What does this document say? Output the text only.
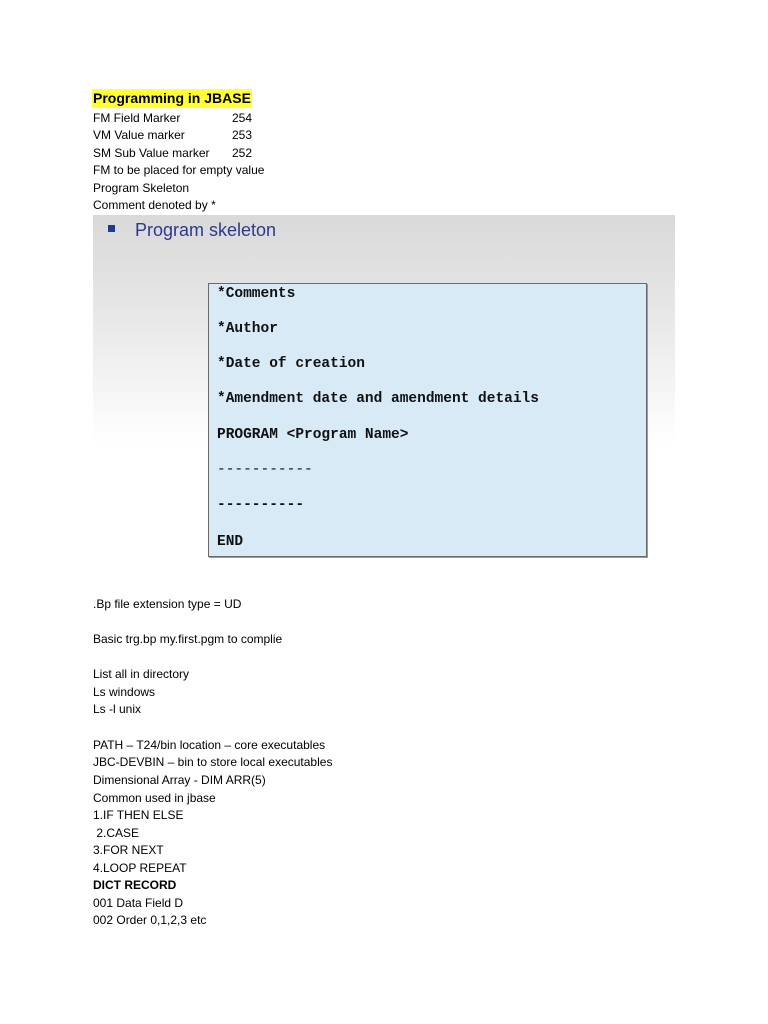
Programming in JBASE
FM Field Marker	254
VM Value marker	253
SM Sub Value marker 252
FM to be placed for empty value
Program Skeleton
Comment denoted by *
Program skeleton
*Comments
*Author
*Date of creation
*Amendment date and amendment details
PROGRAM <Program Name>
-----------
----------
END
.Bp file extension type = UD
Basic trg.bp my.first.pgm to complie
List all in directory
Ls windows
Ls -l unix
PATH – T24/bin location – core executables
JBC-DEVBIN – bin to store local executables
Dimensional Array - DIM ARR(5)
Common used in jbase
1.IF THEN ELSE
2.CASE
3.FOR NEXT
4.LOOP REPEAT
DICT RECORD
001 Data Field D
002 Order 0,1,2,3 etc
